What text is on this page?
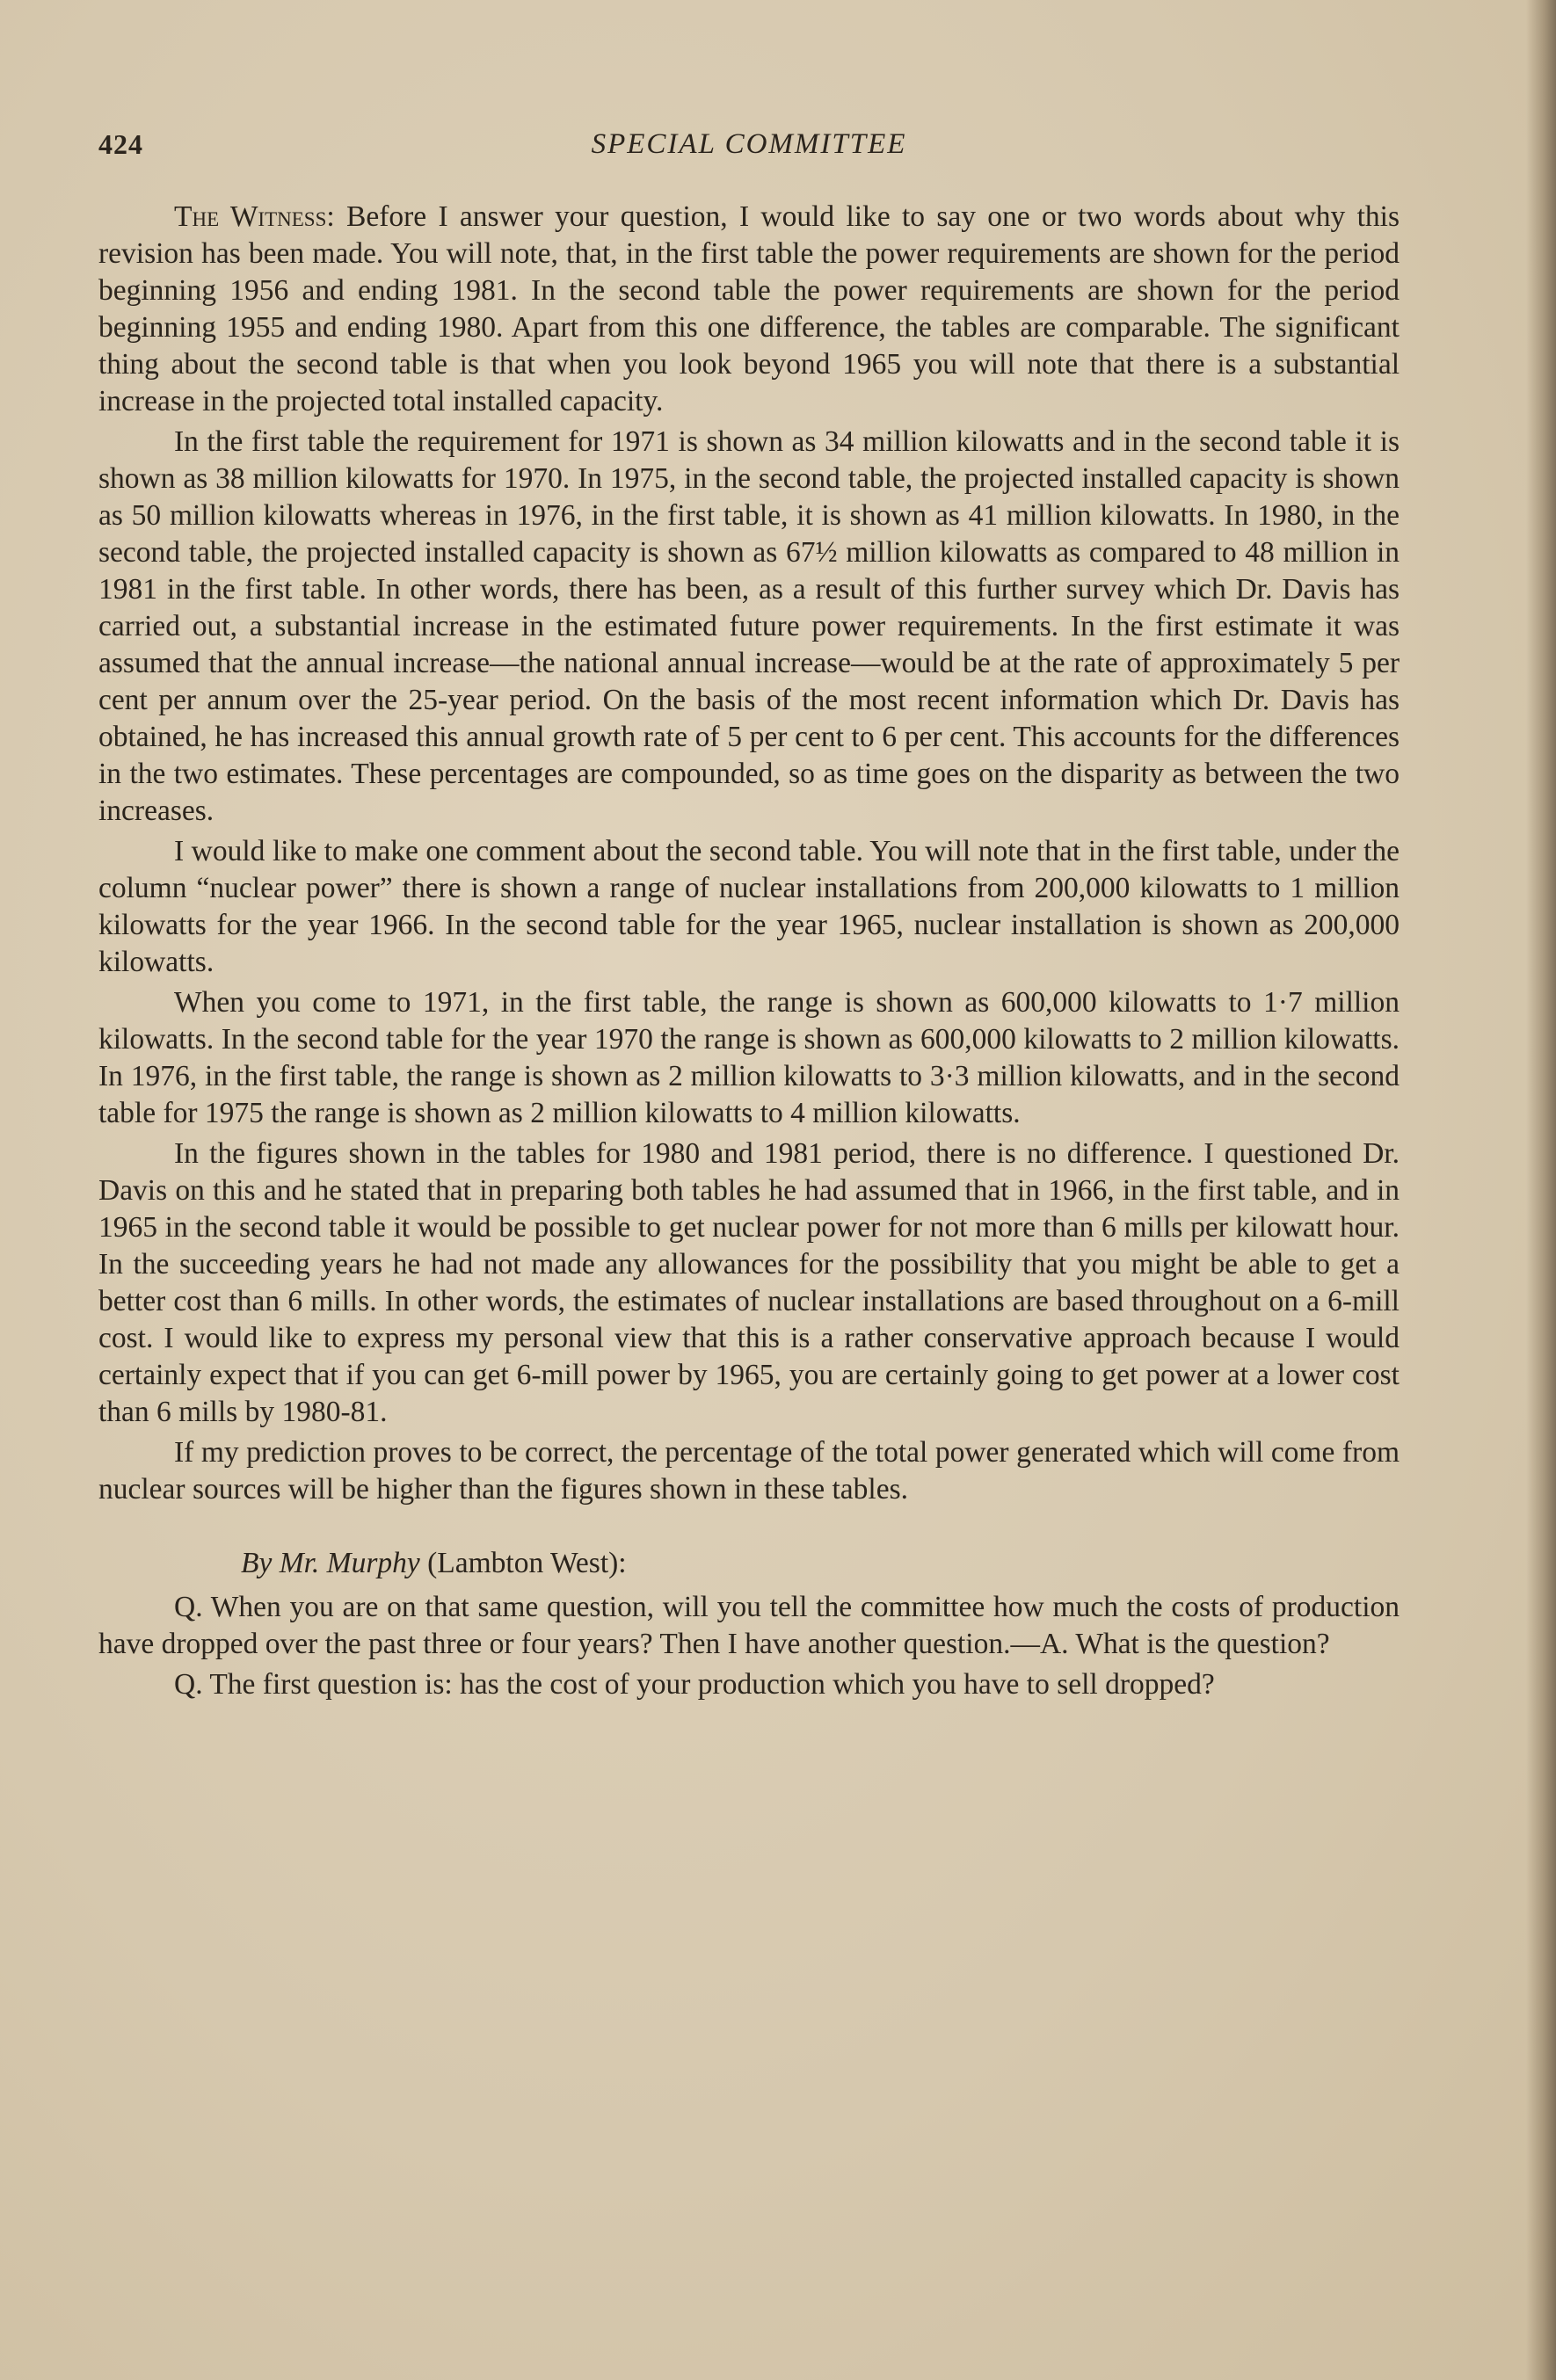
424	SPECIAL COMMITTEE

The Witness: Before I answer your question, I would like to say one or two words about why this revision has been made. You will note, that, in the first table the power requirements are shown for the period beginning 1956 and ending 1981. In the second table the power requirements are shown for the period beginning 1955 and ending 1980. Apart from this one difference, the tables are comparable. The significant thing about the second table is that when you look beyond 1965 you will note that there is a substantial increase in the projected total installed capacity.

In the first table the requirement for 1971 is shown as 34 million kilowatts and in the second table it is shown as 38 million kilowatts for 1970. In 1975, in the second table, the projected installed capacity is shown as 50 million kilowatts whereas in 1976, in the first table, it is shown as 41 million kilowatts. In 1980, in the second table, the projected installed capacity is shown as 67½ million kilowatts as compared to 48 million in 1981 in the first table. In other words, there has been, as a result of this further survey which Dr. Davis has carried out, a substantial increase in the estimated future power requirements. In the first estimate it was assumed that the annual increase—the national annual increase—would be at the rate of approximately 5 per cent per annum over the 25-year period. On the basis of the most recent information which Dr. Davis has obtained, he has increased this annual growth rate of 5 per cent to 6 per cent. This accounts for the differences in the two estimates. These percentages are compounded, so as time goes on the disparity as between the two increases.

I would like to make one comment about the second table. You will note that in the first table, under the column “nuclear power” there is shown a range of nuclear installations from 200,000 kilowatts to 1 million kilowatts for the year 1966. In the second table for the year 1965, nuclear installation is shown as 200,000 kilowatts.

When you come to 1971, in the first table, the range is shown as 600,000 kilowatts to 1·7 million kilowatts. In the second table for the year 1970 the range is shown as 600,000 kilowatts to 2 million kilowatts. In 1976, in the first table, the range is shown as 2 million kilowatts to 3·3 million kilowatts, and in the second table for 1975 the range is shown as 2 million kilowatts to 4 million kilowatts.

In the figures shown in the tables for 1980 and 1981 period, there is no difference. I questioned Dr. Davis on this and he stated that in preparing both tables he had assumed that in 1966, in the first table, and in 1965 in the second table it would be possible to get nuclear power for not more than 6 mills per kilowatt hour. In the succeeding years he had not made any allowances for the possibility that you might be able to get a better cost than 6 mills. In other words, the estimates of nuclear installations are based throughout on a 6-mill cost. I would like to express my personal view that this is a rather conservative approach because I would certainly expect that if you can get 6-mill power by 1965, you are certainly going to get power at a lower cost than 6 mills by 1980-81.

If my prediction proves to be correct, the percentage of the total power generated which will come from nuclear sources will be higher than the figures shown in these tables.

By Mr. Murphy (Lambton West):

Q. When you are on that same question, will you tell the committee how much the costs of production have dropped over the past three or four years? Then I have another question.—A. What is the question?

Q. The first question is: has the cost of your production which you have to sell dropped?
